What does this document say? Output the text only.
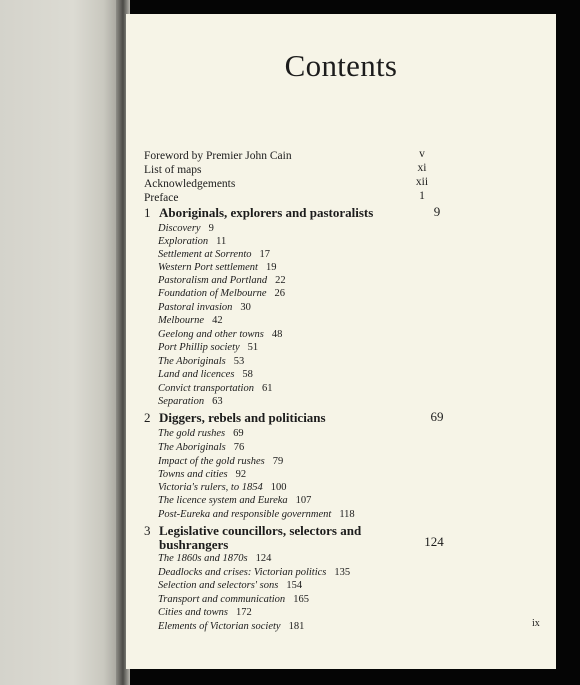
Contents
Foreword by Premier John Cain	v
List of maps	xi
Acknowledgements	xii
Preface	1
1 Aboriginals, explorers and pastoralists	9
Discovery 9
Exploration 11
Settlement at Sorrento 17
Western Port settlement 19
Pastoralism and Portland 22
Foundation of Melbourne 26
Pastoral invasion 30
Melbourne 42
Geelong and other towns 48
Port Phillip society 51
The Aboriginals 53
Land and licences 58
Convict transportation 61
Separation 63
2 Diggers, rebels and politicians	69
The gold rushes 69
The Aboriginals 76
Impact of the gold rushes 79
Towns and cities 92
Victoria's rulers, to 1854 100
The licence system and Eureka 107
Post-Eureka and responsible government 118
3 Legislative councillors, selectors and
bushrangers	124
The 1860s and 1870s 124
Deadlocks and crises: Victorian politics 135
Selection and selectors' sons 154
Transport and communication 165
Cities and towns 172
Elements of Victorian society 181	ix
